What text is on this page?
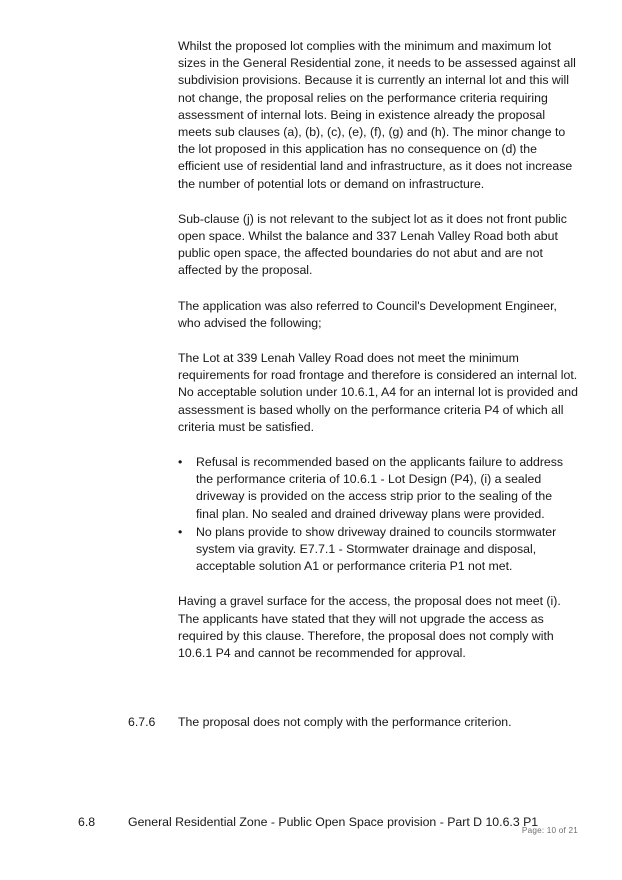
Whilst the proposed lot complies with the minimum and maximum lot sizes in the General Residential zone, it needs to be assessed against all subdivision provisions. Because it is currently an internal lot and this will not change, the proposal relies on the performance criteria requiring assessment of internal lots. Being in existence already the proposal meets sub clauses (a), (b), (c), (e), (f), (g) and (h). The minor change to the lot proposed in this application has no consequence on (d) the efficient use of residential land and infrastructure, as it does not increase the number of potential lots or demand on infrastructure.

Sub-clause (j) is not relevant to the subject lot as it does not front public open space. Whilst the balance and 337 Lenah Valley Road both abut public open space, the affected boundaries do not abut and are not affected by the proposal.

The application was also referred to Council's Development Engineer, who advised the following;

The Lot at 339 Lenah Valley Road does not meet the minimum requirements for road frontage and therefore is considered an internal lot. No acceptable solution under 10.6.1, A4 for an internal lot is provided and assessment is based wholly on the performance criteria P4 of which all criteria must be satisfied.

•	Refusal is recommended based on the applicants failure to address the performance criteria of 10.6.1 - Lot Design (P4), (i) a sealed driveway is provided on the access strip prior to the sealing of the final plan. No sealed and drained driveway plans were provided.
•	No plans provide to show driveway drained to councils stormwater system via gravity. E7.7.1 - Stormwater drainage and disposal, acceptable solution A1 or performance criteria P1 not met.

Having a gravel surface for the access, the proposal does not meet (i). The applicants have stated that they will not upgrade the access as required by this clause. Therefore, the proposal does not comply with 10.6.1 P4 and cannot be recommended for approval.

6.7.6 The proposal does not comply with the performance criterion.
6.8	General Residential Zone - Public Open Space provision - Part D 10.6.3 P1
Page: 10 of 21
